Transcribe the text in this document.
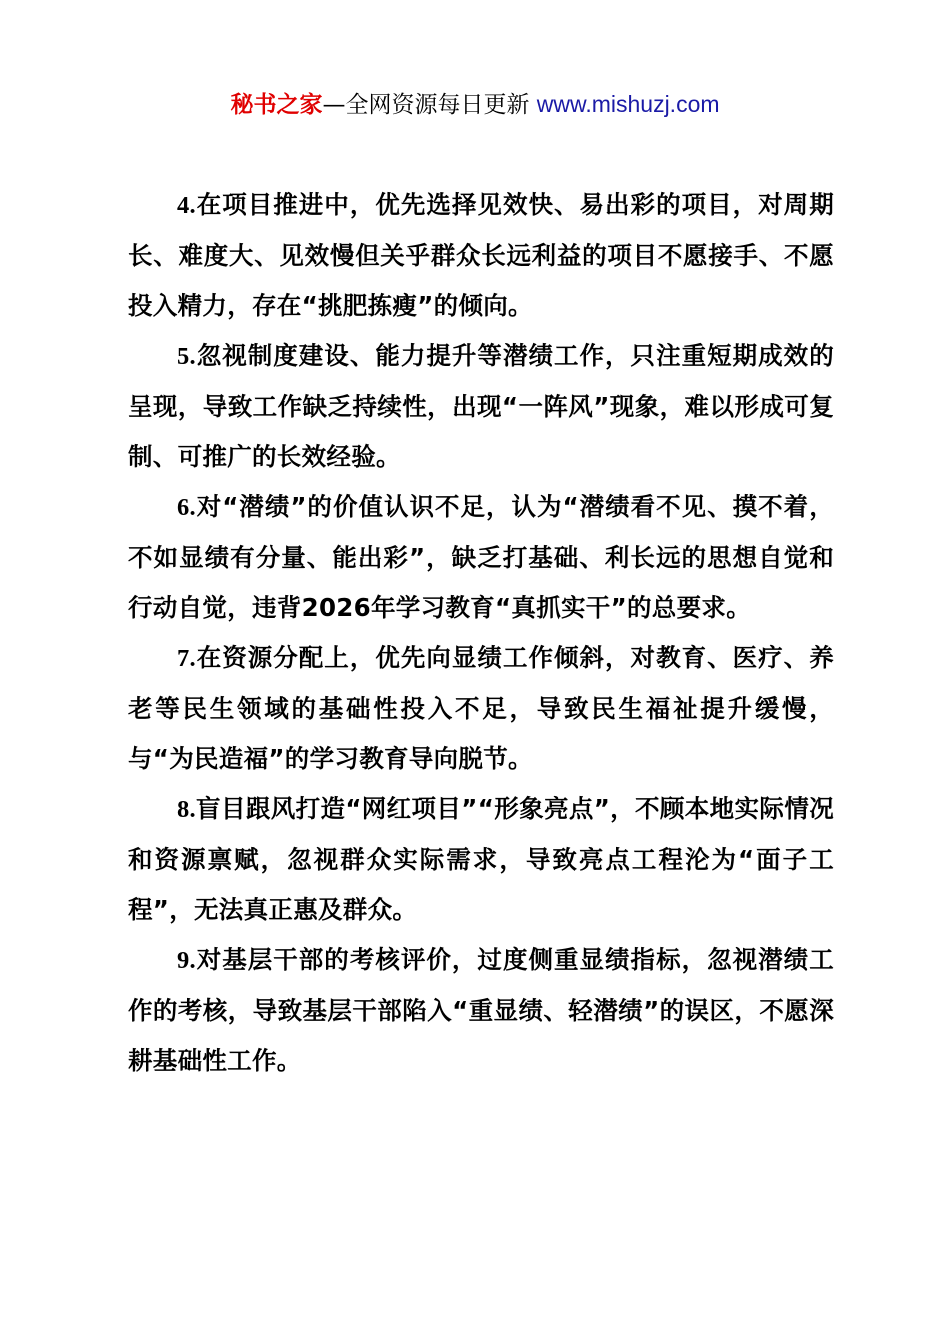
秘书之家—全网资源每日更新 www.mishuzj.com

4.在项目推进中，优先选择见效快、易出彩的项目，对周期长、难度大、见效慢但关乎群众长远利益的项目不愿接手、不愿投入精力，存在“挑肥拣瘦”的倾向。

5.忽视制度建设、能力提升等潜绩工作，只注重短期成效的呈现，导致工作缺乏持续性，出现“一阵风”现象，难以形成可复制、可推广的长效经验。

6.对“潜绩”的价值认识不足，认为“潜绩看不见、摸不着，不如显绩有分量、能出彩”，缺乏打基础、利长远的思想自觉和行动自觉，违背2026年学习教育“真抓实干”的总要求。

7.在资源分配上，优先向显绩工作倾斜，对教育、医疗、养老等民生领域的基础性投入不足，导致民生福祉提升缓慢，与“为民造福”的学习教育导向脱节。

8.盲目跟风打造“网红项目”“形象亮点”，不顾本地实际情况和资源禀赋，忽视群众实际需求，导致亮点工程沦为“面子工程”，无法真正惠及群众。

9.对基层干部的考核评价，过度侧重显绩指标，忽视潜绩工作的考核，导致基层干部陷入“重显绩、轻潜绩”的误区，不愿深耕基础性工作。
